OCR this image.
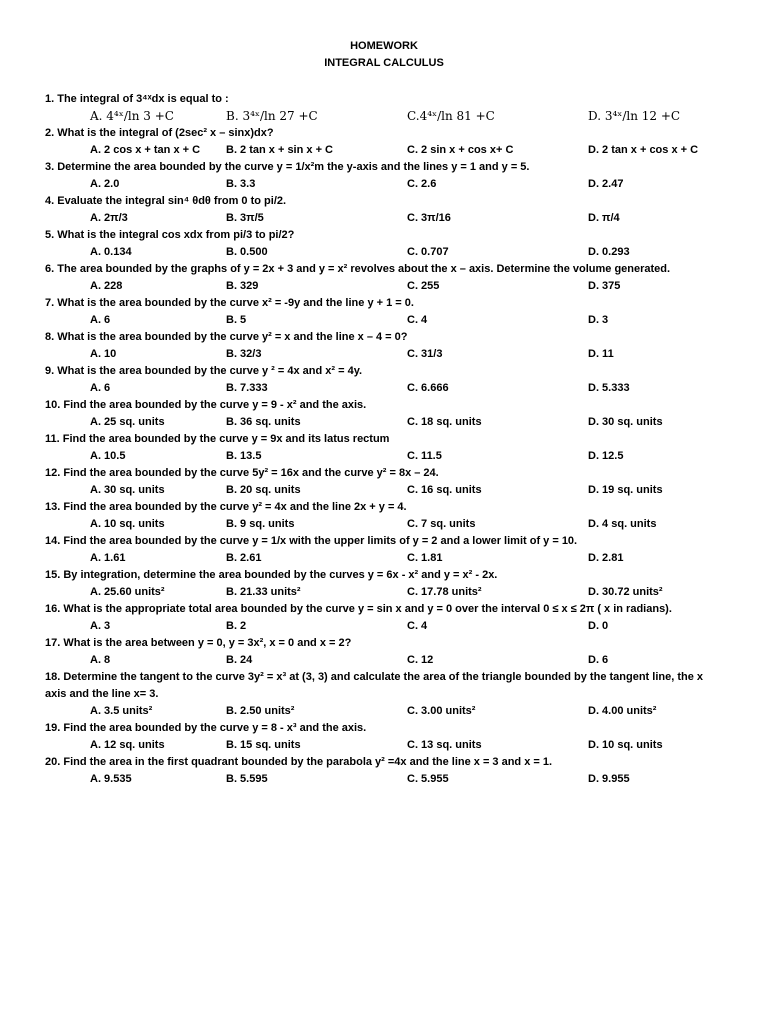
HOMEWORK
INTEGRAL CALCULUS
1. The integral of 3⁴ˣdx is equal to :
A. 4⁴ˣ/ln 3 +C	B. 3⁴ˣ/ln 27 +C	C.4⁴ˣ/ln 81 +C	D. 3⁴ˣ/ln 12 +C
2. What is the integral of (2sec² x – sinx)dx?
A. 2 cos x + tan x + C B. 2 tan x + sin x + C	C. 2 sin x + cos x+ C	D. 2 tan x + cos x + C
3. Determine the area bounded by the curve y = 1/x²m the y-axis and the lines y = 1 and y = 5.
A. 2.0	B. 3.3	C. 2.6	D. 2.47
4. Evaluate the integral sin⁴ θdθ from 0 to pi/2.
A. 2π/3	B. 3π/5	C. 3π/16	D. π/4
5. What is the integral cos xdx from pi/3 to pi/2?
A. 0.134	B. 0.500	C. 0.707	D. 0.293
6. The area bounded by the graphs of y = 2x + 3 and y = x² revolves about the x – axis. Determine the volume generated.
A. 228	B. 329	C. 255	D. 375
7. What is the area bounded by the curve x² = -9y and the line y + 1 = 0.
A. 6	B. 5	C. 4	D. 3
8. What is the area bounded by the curve y² = x and the line x – 4 = 0?
A. 10	B. 32/3	C. 31/3	D. 11
9. What is the area bounded by the curve y ² = 4x and x² = 4y.
A. 6	B. 7.333	C. 6.666	D. 5.333
10. Find the area bounded by the curve y = 9 - x² and the axis.
A. 25 sq. units	B. 36 sq. units	C. 18 sq. units	D. 30 sq. units
11. Find the area bounded by the curve y = 9x and its latus rectum
A. 10.5	B. 13.5	C. 11.5	D. 12.5
12. Find the area bounded by the curve 5y² = 16x and the curve y² = 8x – 24.
A. 30 sq. units	B. 20 sq. units	C. 16 sq. units	D. 19 sq. units
13. Find the area bounded by the curve y² = 4x and the line 2x + y = 4.
A. 10 sq. units	B. 9 sq. units	C. 7 sq. units	D. 4 sq. units
14. Find the area bounded by the curve y = 1/x with the upper limits of y = 2 and a lower limit of y = 10.
A. 1.61	B. 2.61	C. 1.81	D. 2.81
15. By integration, determine the area bounded by the curves y = 6x - x² and y = x² - 2x.
A. 25.60 units²	B. 21.33 units²	C. 17.78 units²	D. 30.72 units²
16. What is the appropriate total area bounded by the curve y = sin x and y = 0 over the interval 0 ≤ x ≤ 2π ( x in radians).
A. 3	B. 2	C. 4	D. 0
17. What is the area between y = 0, y = 3x², x = 0 and x = 2?
A. 8	B. 24	C. 12	D. 6
18. Determine the tangent to the curve 3y² = x³ at (3, 3) and calculate the area of the triangle bounded by the tangent line, the x axis and the line x= 3.
A. 3.5 units²	B. 2.50 units²	C. 3.00 units²	D. 4.00 units²
19. Find the area bounded by the curve y = 8 - x³ and the axis.
A. 12 sq. units	B. 15 sq. units	C. 13 sq. units	D. 10 sq. units
20. Find the area in the first quadrant bounded by the parabola y² =4x and the line x = 3 and x = 1.
A. 9.535	B. 5.595	C. 5.955	D. 9.955
